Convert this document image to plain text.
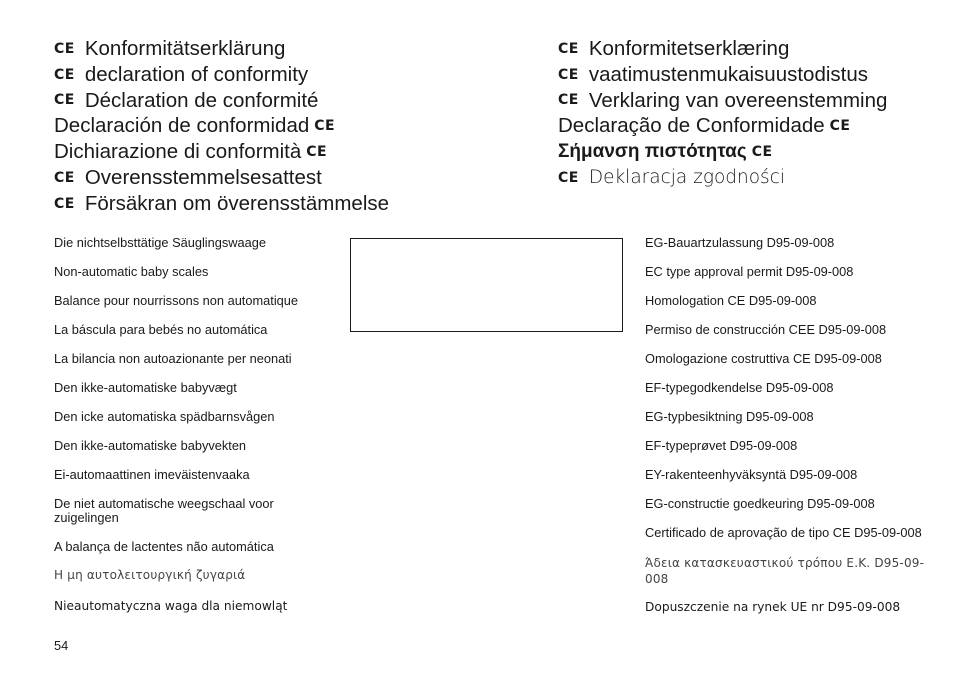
CE Konformitätserklärung
CE declaration of conformity
CE Déclaration de conformité
Declaración de conformidad CE
Dichiarazione di conformità CE
CE Overensstemmelsesattest
CE Försäkran om överensstämmelse
CE Konformitetserklæring
CE vaatimustenmukaisuustodistus
CE Verklaring van overeenstemming
Declaração de Conformidade CE
Σήμανση πιστότητας CE
CE Deklaracja zgodności

Die nichtselbsttätige Säuglingswaage

Non-automatic baby scales

Balance pour nourrissons non automatique

La báscula para bebés no automática

La bilancia non autoazionante per neonati

Den ikke-automatiske babyvægt

Den icke automatiska spädbarnsvågen

Den ikke-automatiske babyvekten

Ei-automaattinen imeväistenvaaka

De niet automatische weegschaal voor zuigelingen

A balança de lactentes não automática

Η μη αυτολειτουργική ζυγαριά

Nieautomatyczna waga dla niemowląt

EG-Bauartzulassung D95-09-008

EC type approval permit D95-09-008

Homologation CE D95-09-008

Permiso de construcción CEE D95-09-008

Omologazione costruttiva CE D95-09-008

EF-typegodkendelse D95-09-008

EG-typbesiktning D95-09-008

EF-typeprøvet D95-09-008

EY-rakenteenhyväksyntä D95-09-008

EG-constructie goedkeuring D95-09-008

Certificado de aprovação de tipo CE D95-09-008

Άδεια κατασκευαστικού τρόπου Ε.Κ. D95-09-008

Dopuszczenie na rynek UE nr D95-09-008

54
